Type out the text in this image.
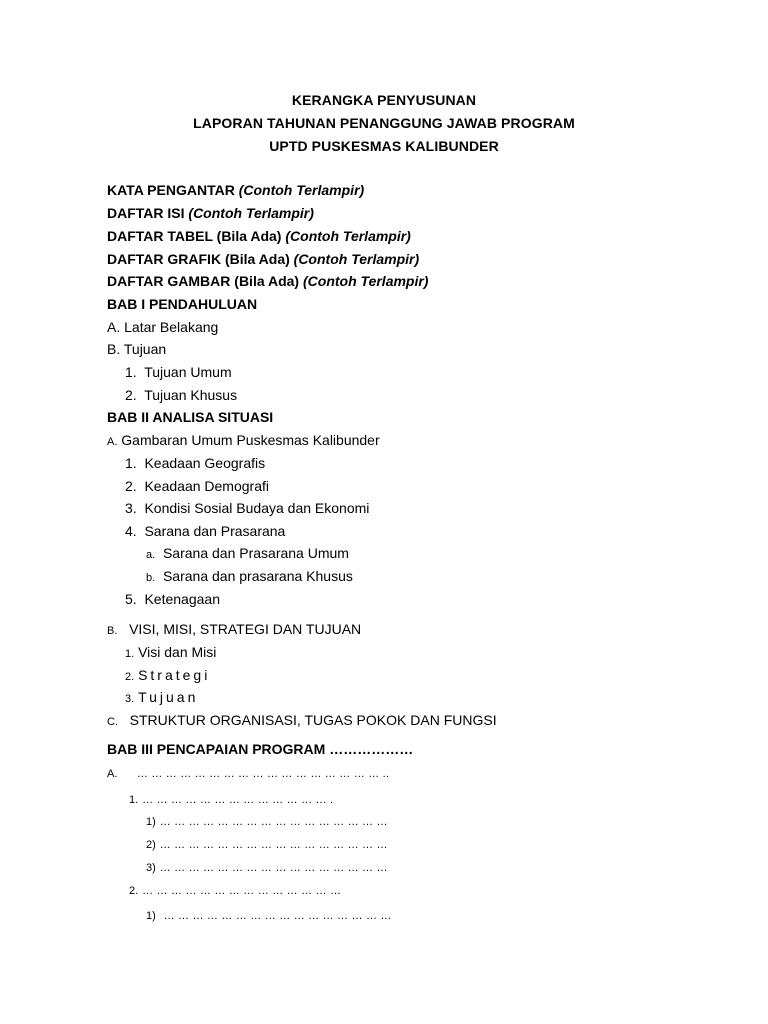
KERANGKA PENYUSUNAN
LAPORAN TAHUNAN PENANGGUNG JAWAB PROGRAM
UPTD PUSKESMAS KALIBUNDER
KATA PENGANTAR (Contoh Terlampir)
DAFTAR ISI (Contoh Terlampir)
DAFTAR TABEL (Bila Ada) (Contoh Terlampir)
DAFTAR GRAFIK (Bila Ada) (Contoh Terlampir)
DAFTAR GAMBAR (Bila Ada) (Contoh Terlampir)
BAB I PENDAHULUAN
A. Latar Belakang
B. Tujuan
1. Tujuan Umum
2. Tujuan Khusus
BAB II ANALISA SITUASI
A. Gambaran Umum Puskesmas Kalibunder
1. Keadaan Geografis
2. Keadaan Demografi
3. Kondisi Sosial Budaya dan Ekonomi
4. Sarana dan Prasarana
a. Sarana dan Prasarana Umum
b. Sarana dan prasarana Khusus
5. Ketenagaan
B. VISI, MISI, STRATEGI DAN TUJUAN
1. Visi dan Misi
2. Strategi
3. Tujuan
C. STRUKTUR ORGANISASI, TUGAS POKOK DAN FUNGSI
BAB III PENCAPAIAN PROGRAM ………………
A. … … … … … … … … … … … … … … … … … ..
1. … … … … … … … … … … … … … .
1) … … … … … … … … … … … … … … … …
2) … … … … … … … … … … … … … … … …
3) … … … … … … … … … … … … … … … …
2. … … … … … … … … … … … … … …
1) … … … … … … … … … … … … … … … …
